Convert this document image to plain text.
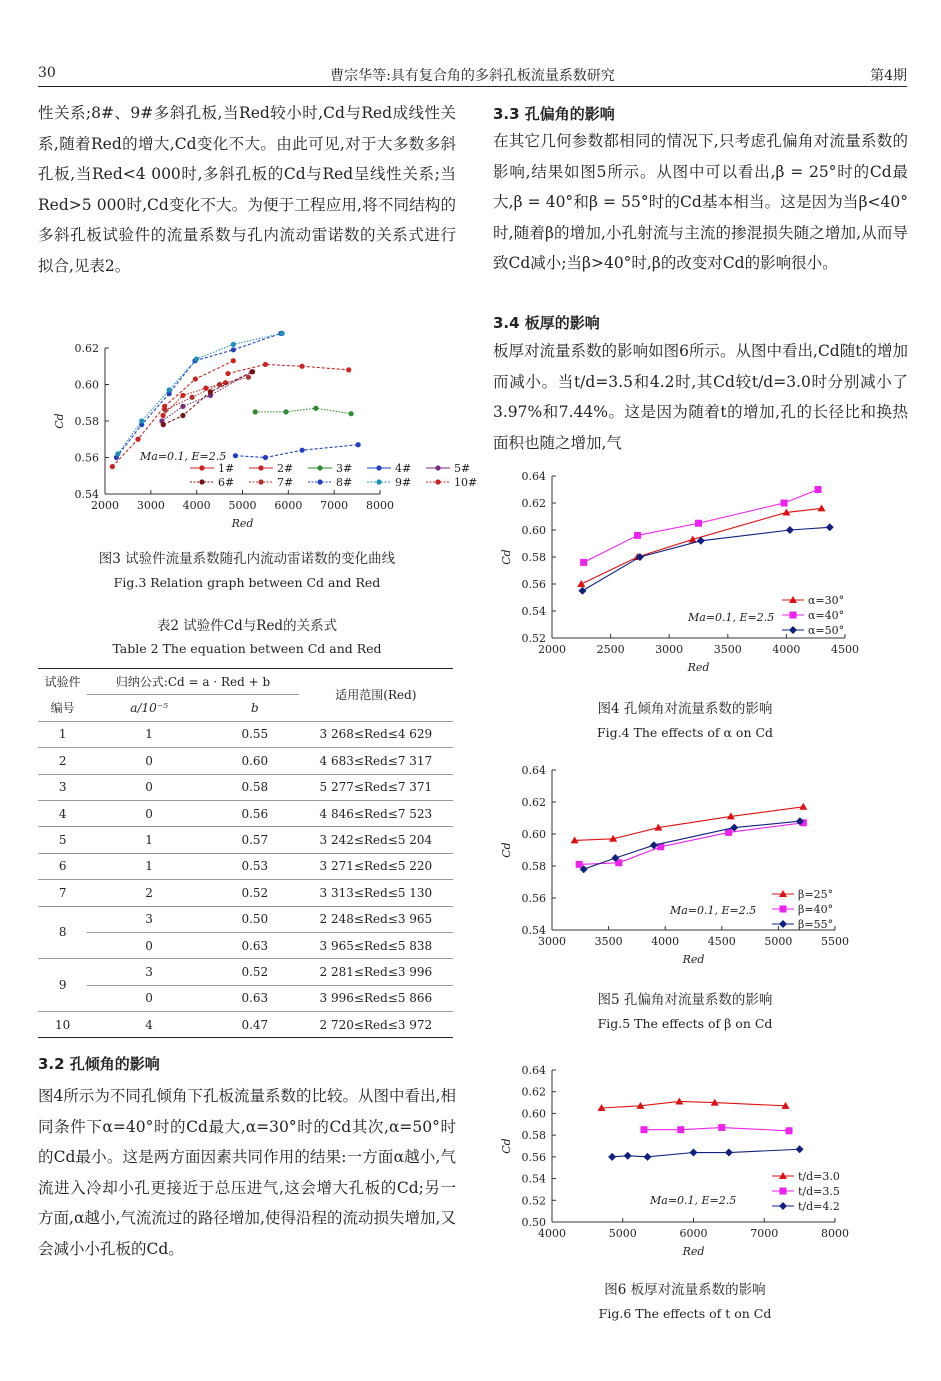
30	曹宗华等:具有复合角的多斜孔板流量系数研究	第4期

性关系;8#、9#多斜孔板,当Red较小时,Cd与Red成线性关系,随着Red的增大,Cd变化不大。由此可见,对于大多数多斜孔板,当Red<4 000时,多斜孔板的Cd与Red呈线性关系;当Red>5 000时,Cd变化不大。为便于工程应用,将不同结构的多斜孔板试验件的流量系数与孔内流动雷诺数的关系式进行拟合,见表2。

0.54
0.56
0.58
0.60
0.62
2000 3000 4000 5000 6000 7000 8000
Red
Cd
Ma=0.1, E=2.5
1#	2#	3#	4#	5#
6#	7#	8#	9#	10#

图3 试验件流量系数随孔内流动雷诺数的变化曲线

Fig.3 Relation graph between Cd and Red

表2 试验件Cd与Red的关系式

Table 2 The equation between Cd and Red

试验件	归纳公式:Cd = a · Red + b		适用范围(Red)
编号	a/10⁻⁵	b	
1	1	0.55	3 268≤Red≤4 629
2	0	0.60	4 683≤Red≤7 317
3	0	0.58	5 277≤Red≤7 371
4	0	0.56	4 846≤Red≤7 523
5	1	0.57	3 242≤Red≤5 204
6	1	0.53	3 271≤Red≤5 220
7	2	0.52	3 313≤Red≤5 130
8	3	0.50	2 248≤Red≤3 965
	0	0.63	3 965≤Red≤5 838
9	3	0.52	2 281≤Red≤3 996
	0	0.63	3 996≤Red≤5 866
10	4	0.47	2 720≤Red≤3 972

3.2 孔倾角的影响

图4所示为不同孔倾角下孔板流量系数的比较。从图中看出,相同条件下α=40°时的Cd最大,α=30°时的Cd其次,α=50°时的Cd最小。这是两方面因素共同作用的结果:一方面α越小,气流进入冷却小孔更接近于总压进气,这会增大孔板的Cd;另一方面,α越小,气流流过的路径增加,使得沿程的流动损失增加,又会减小小孔板的Cd。

3.3 孔偏角的影响

在其它几何参数都相同的情况下,只考虑孔偏角对流量系数的影响,结果如图5所示。从图中可以看出,β = 25°时的Cd最大,β = 40°和β = 55°时的Cd基本相当。这是因为当β<40°时,随着β的增加,小孔射流与主流的掺混损失随之增加,从而导致Cd减小;当β>40°时,β的改变对Cd的影响很小。

3.4 板厚的影响

板厚对流量系数的影响如图6所示。从图中看出,Cd随t的增加而减小。当t/d=3.5和4.2时,其Cd较t/d=3.0时分别减小了3.97%和7.44%。这是因为随着t的增加,孔的长径比和换热面积也随之增加,气

0.52
0.54
0.56
0.58
0.60
0.62
0.64
2000	2500	3000	3500	4000	4500
Red
Cd
Ma=0.1, E=2.5
α=30°
α=40°
α=50°

图4 孔倾角对流量系数的影响

Fig.4 The effects of α on Cd

0.54
0.56
0.58
0.60
0.62
0.64
3000	3500	4000	4500	5000	5500
Red
Cd
Ma=0.1, E=2.5
β=25°
β=40°
β=55°

图5 孔偏角对流量系数的影响

Fig.5 The effects of β on Cd

0.50
0.52
0.54
0.56
0.58
0.60
0.62
0.64
4000	5000	6000	7000	8000
Red
Cd
Ma=0.1, E=2.5
t/d=3.0
t/d=3.5
t/d=4.2

图6 板厚对流量系数的影响

Fig.6 The effects of t on Cd
